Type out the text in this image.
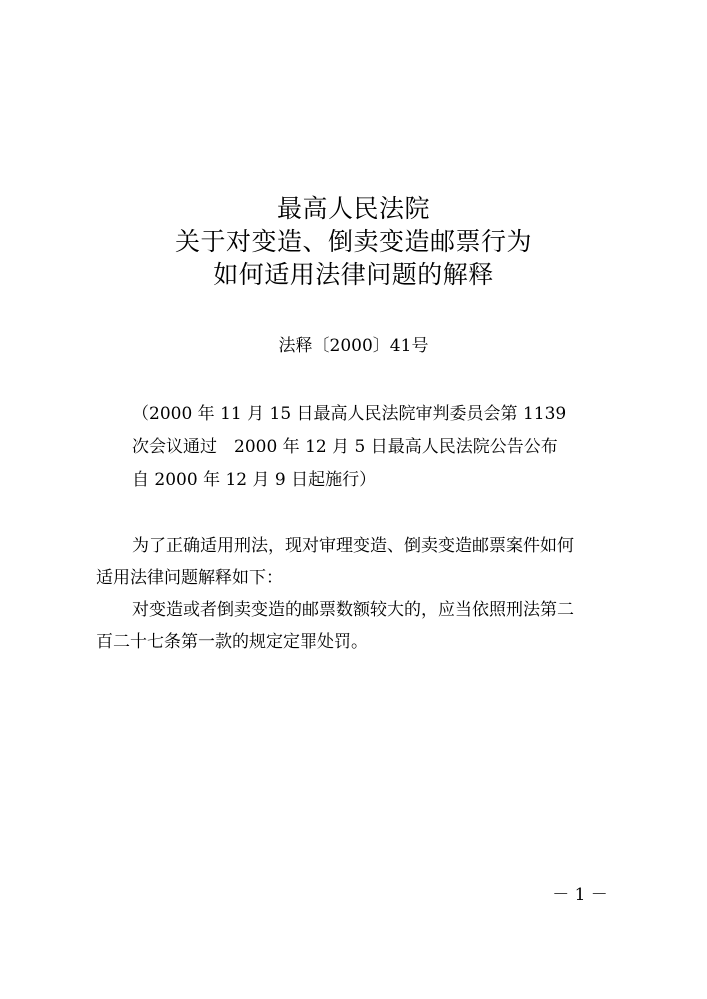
最高人民法院
关于对变造、倒卖变造邮票行为
如何适用法律问题的解释
法释〔2000〕41号
（2000 年 11 月 15 日最高人民法院审判委员会第 1139
次会议通过　2000 年 12 月 5 日最高人民法院公告公布
自 2000 年 12 月 9 日起施行）
为了正确适用刑法，现对审理变造、倒卖变造邮票案件如何
适用法律问题解释如下：
对变造或者倒卖变造的邮票数额较大的，应当依照刑法第二
百二十七条第一款的规定定罪处罚。
－ 1 －
